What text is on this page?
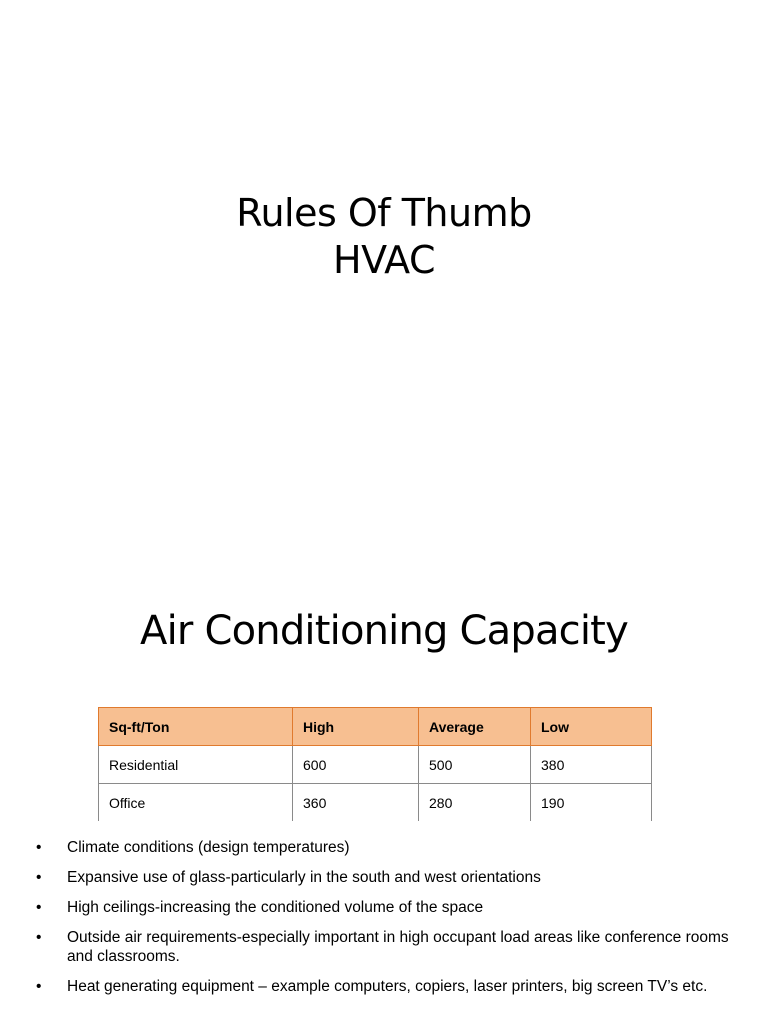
Rules Of Thumb
HVAC
Air Conditioning Capacity
Sq-ft/Ton	High	Average	Low
Residential	600	500	380
Office	360	280	190
• Climate conditions (design temperatures)
• Expansive use of glass-particularly in the south and west orientations
• High ceilings-increasing the conditioned volume of the space
• Outside air requirements-especially important in high occupant load areas like conference rooms and classrooms.
• Heat generating equipment – example computers, copiers, laser printers, big screen TV’s etc.
